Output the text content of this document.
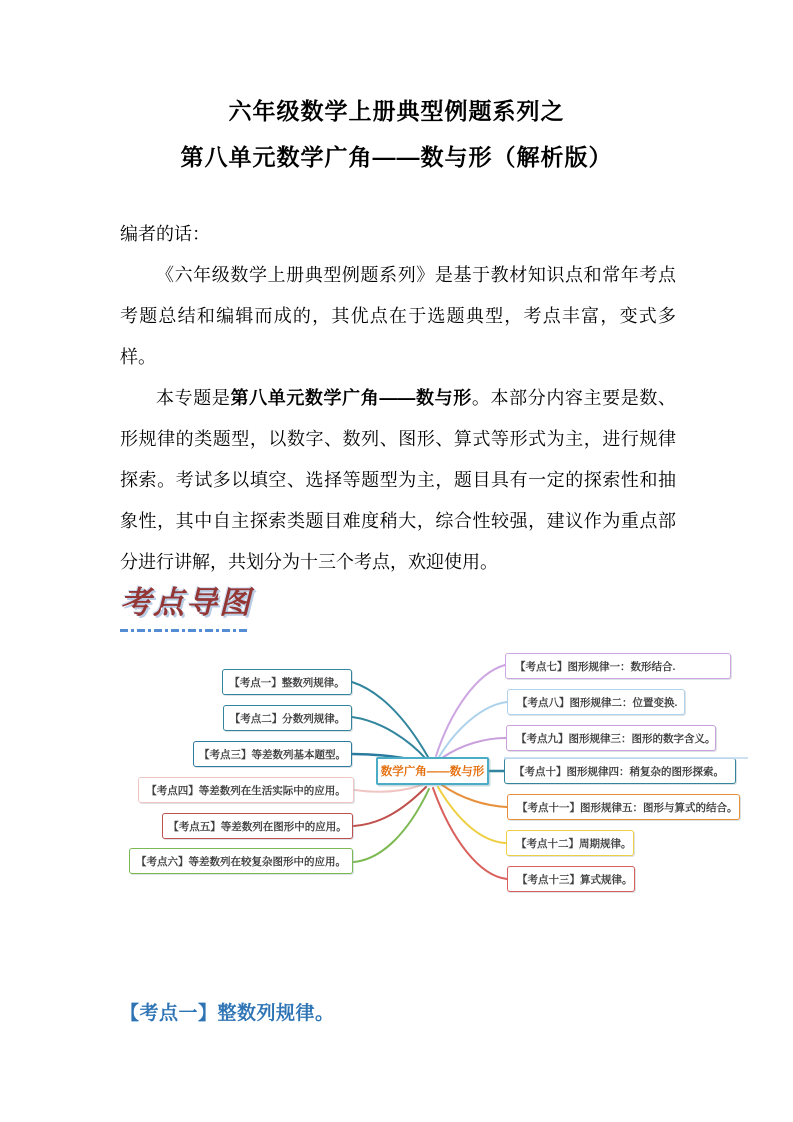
六年级数学上册典型例题系列之
第八单元数学广角——数与形（解析版）

编者的话：

《六年级数学上册典型例题系列》是基于教材知识点和常年考点考题总结和编辑而成的，其优点在于选题典型，考点丰富，变式多样。

本专题是第八单元数学广角——数与形。本部分内容主要是数、形规律的类题型，以数字、数列、图形、算式等形式为主，进行规律探索。考试多以填空、选择等题型为主，题目具有一定的探索性和抽象性，其中自主探索类题目难度稍大，综合性较强，建议作为重点部分进行讲解，共划分为十三个考点，欢迎使用。

考点导图
【考点一】整数列规律。
【考点二】分数列规律。
【考点三】等差数列基本题型。
【考点四】等差数列在生活实际中的应用。
【考点五】等差数列在图形中的应用。
【考点六】等差数列在较复杂图形中的应用。
数学广角——数与形
【考点七】图形规律一：数形结合.
【考点八】图形规律二：位置变换.
【考点九】图形规律三：图形的数字含义。
【考点十】图形规律四：稍复杂的图形探索。
【考点十一】图形规律五：图形与算式的结合。
【考点十二】周期规律。
【考点十三】算式规律。
【考点一】整数列规律。
